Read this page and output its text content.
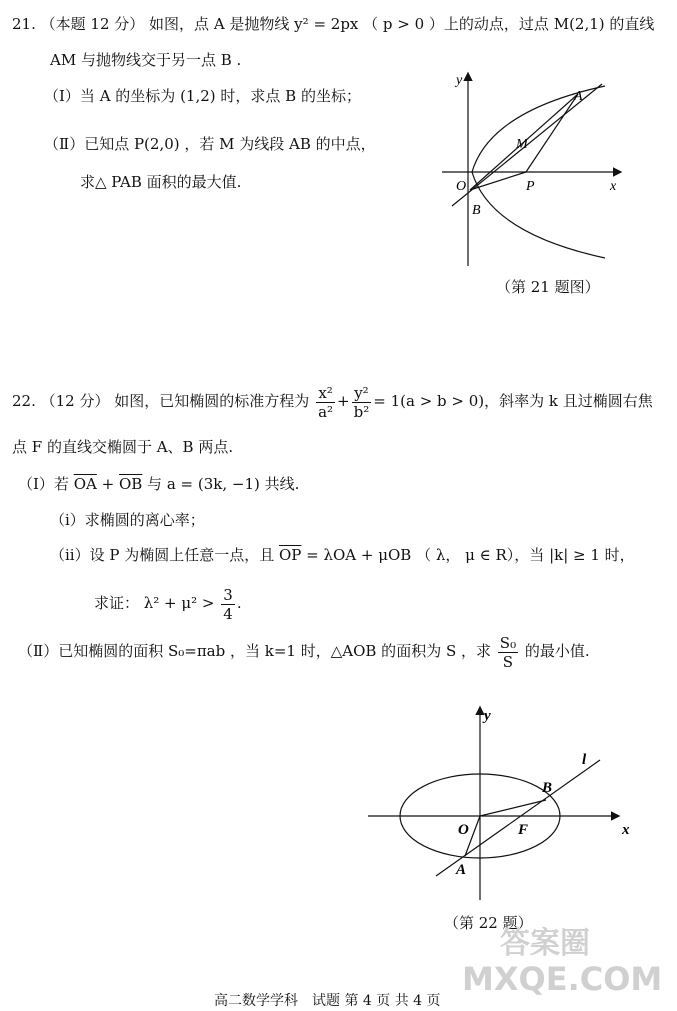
21. （本题 12 分） 如图，点 A 是抛物线 y² = 2px （ p > 0 ）上的动点，过点 M(2,1) 的直线
AM 与抛物线交于另一点 B .
（Ⅰ）当 A 的坐标为 (1,2) 时，求点 B 的坐标；
（Ⅱ）已知点 P(2,0) ，若 M 为线段 AB 的中点，
求△ PAB 面积的最大值.
y
x
O
A
M
P
B
（第 21 题图）
22. （12 分） 如图，已知椭圆的标准方程为 $\frac{\text{x²}}{\text{a²}} + \frac{\text{y²}}{\text{b²}} = 1(a > b > 0)$，斜率为 k 且过椭圆右焦
点 F 的直线交椭圆于 A、B 两点.
（Ⅰ）若 $\overline{OA} + \overline{OB}$ 与 a = (3k, −1) 共线.
（i）求椭圆的离心率；
（ii）设 P 为椭圆上任意一点，且 $\overline{OP} = \lambda OA + \mu OB$ （ λ， μ ∈ R），当 |k| ≥ 1 时，
求证： $\lambda^2 + \mu^2 > \frac{3}{4}$ .
（Ⅱ）已知椭圆的面积 S₀=πab ，当 k=1 时，△AOB 的面积为 S ，求 $\frac{\text{S₀}}{S}$ 的最小值.
y
x
O	F
A
B
l
（第 22 题）
答案圈
MXQE.COM
高二数学学科　试题 第 4 页 共 4 页
